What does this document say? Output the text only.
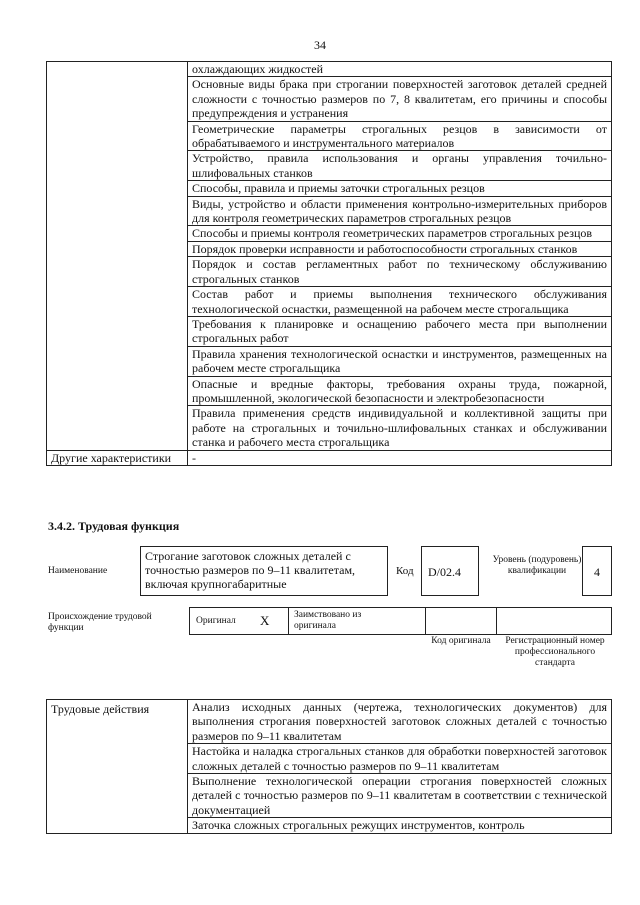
34
	охлаждающих жидкостей
	Основные виды брака при строгании поверхностей заготовок деталей средней сложности с точностью размеров по 7, 8 квалитетам, его причины и способы предупреждения и устранения
	Геометрические параметры строгальных резцов в зависимости от обрабатываемого и инструментального материалов
	Устройство, правила использования и органы управления точильно-шлифовальных станков
	Способы, правила и приемы заточки строгальных резцов
	Виды, устройство и области применения контрольно-измерительных приборов для контроля геометрических параметров строгальных резцов
	Способы и приемы контроля геометрических параметров строгальных резцов
	Порядок проверки исправности и работоспособности строгальных станков
	Порядок и состав регламентных работ по техническому обслуживанию строгальных станков
	Состав работ и приемы выполнения технического обслуживания технологической оснастки, размещенной на рабочем месте строгальщика
	Требования к планировке и оснащению рабочего места при выполнении строгальных работ
	Правила хранения технологической оснастки и инструментов, размещенных на рабочем месте строгальщика
	Опасные и вредные факторы, требования охраны труда, пожарной, промышленной, экологической безопасности и электробезопасности
	Правила применения средств индивидуальной и коллективной защиты при работе на строгальных и точильно-шлифовальных станках и обслуживании станка и рабочего места строгальщика
Другие характеристики	-
3.4.2. Трудовая функция
Наименование
Строгание заготовок сложных деталей с точностью размеров по 9–11 квалитетам, включая крупногабаритные
Код	D/02.4
Уровень (подуровень) квалификации	4
Происхождение трудовой функции
Оригинал X	Заимствовано из оригинала
Код оригинала	Регистрационный номер профессионального стандарта
Трудовые действия	Анализ исходных данных (чертежа, технологических документов) для выполнения строгания поверхностей заготовок сложных деталей с точностью размеров по 9–11 квалитетам
Настойка и наладка строгальных станков для обработки поверхностей заготовок сложных деталей с точностью размеров по 9–11 квалитетам
Выполнение технологической операции строгания поверхностей сложных деталей с точностью размеров по 9–11 квалитетам в соответствии с технической документацией
Заточка сложных строгальных режущих инструментов, контроль
